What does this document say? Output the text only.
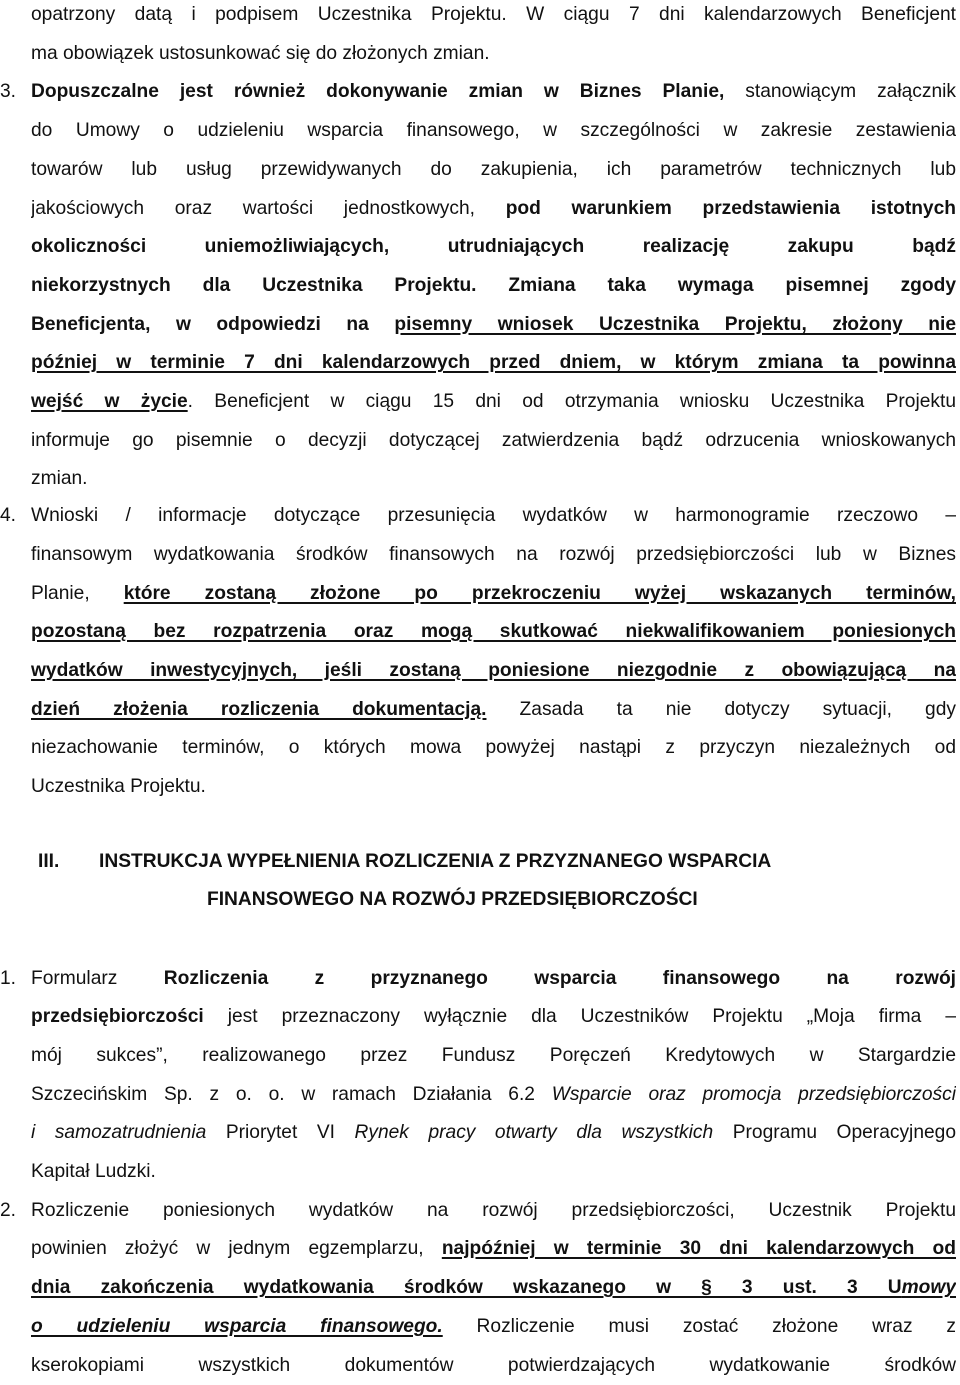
opatrzony datą i podpisem Uczestnika Projektu. W ciągu 7 dni kalendarzowych Beneficjent
ma obowiązek ustosunkować się do złożonych zmian.
3. Dopuszczalne jest również dokonywanie zmian w Biznes Planie, stanowiącym załącznik
do Umowy o udzieleniu wsparcia finansowego, w szczególności w zakresie zestawienia
towarów lub usług przewidywanych do zakupienia, ich parametrów technicznych lub
jakościowych oraz wartości jednostkowych, pod warunkiem przedstawienia istotnych
okoliczności uniemożliwiających, utrudniających realizację zakupu bądź
niekorzystnych dla Uczestnika Projektu. Zmiana taka wymaga pisemnej zgody
Beneficjenta, w odpowiedzi na pisemny wniosek Uczestnika Projektu, złożony nie
później w terminie 7 dni kalendarzowych przed dniem, w którym zmiana ta powinna
wejść w życie. Beneficjent w ciągu 15 dni od otrzymania wniosku Uczestnika Projektu
informuje go pisemnie o decyzji dotyczącej zatwierdzenia bądź odrzucenia wnioskowanych
zmian.
4. Wnioski / informacje dotyczące przesunięcia wydatków w harmonogramie rzeczowo –
finansowym wydatkowania środków finansowych na rozwój przedsiębiorczości lub w Biznes
Planie, które zostaną złożone po przekroczeniu wyżej wskazanych terminów,
pozostaną bez rozpatrzenia oraz mogą skutkować niekwalifikowaniem poniesionych
wydatków inwestycyjnych, jeśli zostaną poniesione niezgodnie z obowiązującą na
dzień złożenia rozliczenia dokumentacją. Zasada ta nie dotyczy sytuacji, gdy
niezachowanie terminów, o których mowa powyżej nastąpi z przyczyn niezależnych od
Uczestnika Projektu.
III. INSTRUKCJA WYPEŁNIENIA ROZLICZENIA Z PRZYZNANEGO WSPARCIA
FINANSOWEGO NA ROZWÓJ PRZEDSIĘBIORCZOŚCI
1. Formularz Rozliczenia z przyznanego wsparcia finansowego na rozwój
przedsiębiorczości jest przeznaczony wyłącznie dla Uczestników Projektu „Moja firma –
mój sukces”, realizowanego przez Fundusz Poręczeń Kredytowych w Stargardzie
Szczecińskim Sp. z o. o. w ramach Działania 6.2 Wsparcie oraz promocja przedsiębiorczości
i samozatrudnienia Priorytet VI Rynek pracy otwarty dla wszystkich Programu Operacyjnego
Kapitał Ludzki.
2. Rozliczenie poniesionych wydatków na rozwój przedsiębiorczości, Uczestnik Projektu
powinien złożyć w jednym egzemplarzu, najpóźniej w terminie 30 dni kalendarzowych od
dnia zakończenia wydatkowania środków wskazanego w § 3 ust. 3 Umowy
o udzieleniu wsparcia finansowego. Rozliczenie musi zostać złożone wraz z
kserokopiami wszystkich dokumentów potwierdzających wydatkowanie środków
